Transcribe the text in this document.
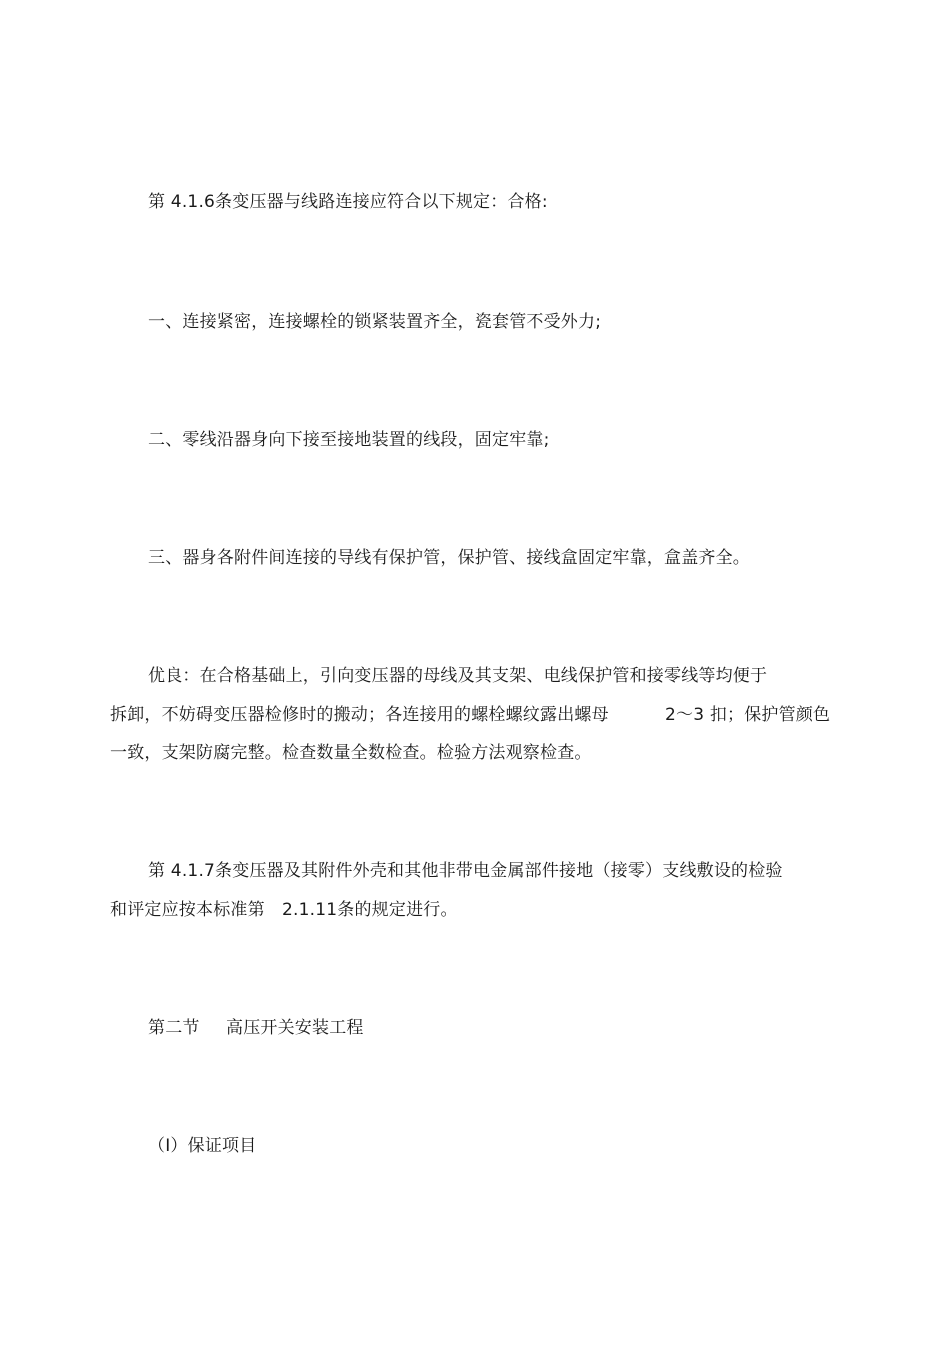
第 4.1.6条变压器与线路连接应符合以下规定：合格:
一、连接紧密，连接螺栓的锁紧装置齐全，瓷套管不受外力;
二、零线沿器身向下接至接地装置的线段，固定牢靠;
三、器身各附件间连接的导线有保护管，保护管、接线盒固定牢靠，盒盖齐全。
优良：在合格基础上，引向变压器的母线及其支架、电线保护管和接零线等均便于
拆卸，不妨碍变压器检修时的搬动；各连接用的螺栓螺纹露出螺母	2～3 扣；保护管颜色
一致，支架防腐完整。检查数量全数检查。检验方法观察检查。
第 4.1.7条变压器及其附件外壳和其他非带电金属部件接地（接零）支线敷设的检验
和评定应按本标准第 2.1.11条的规定进行。
第二节 高压开关安装工程
（Ⅰ）保证项目
